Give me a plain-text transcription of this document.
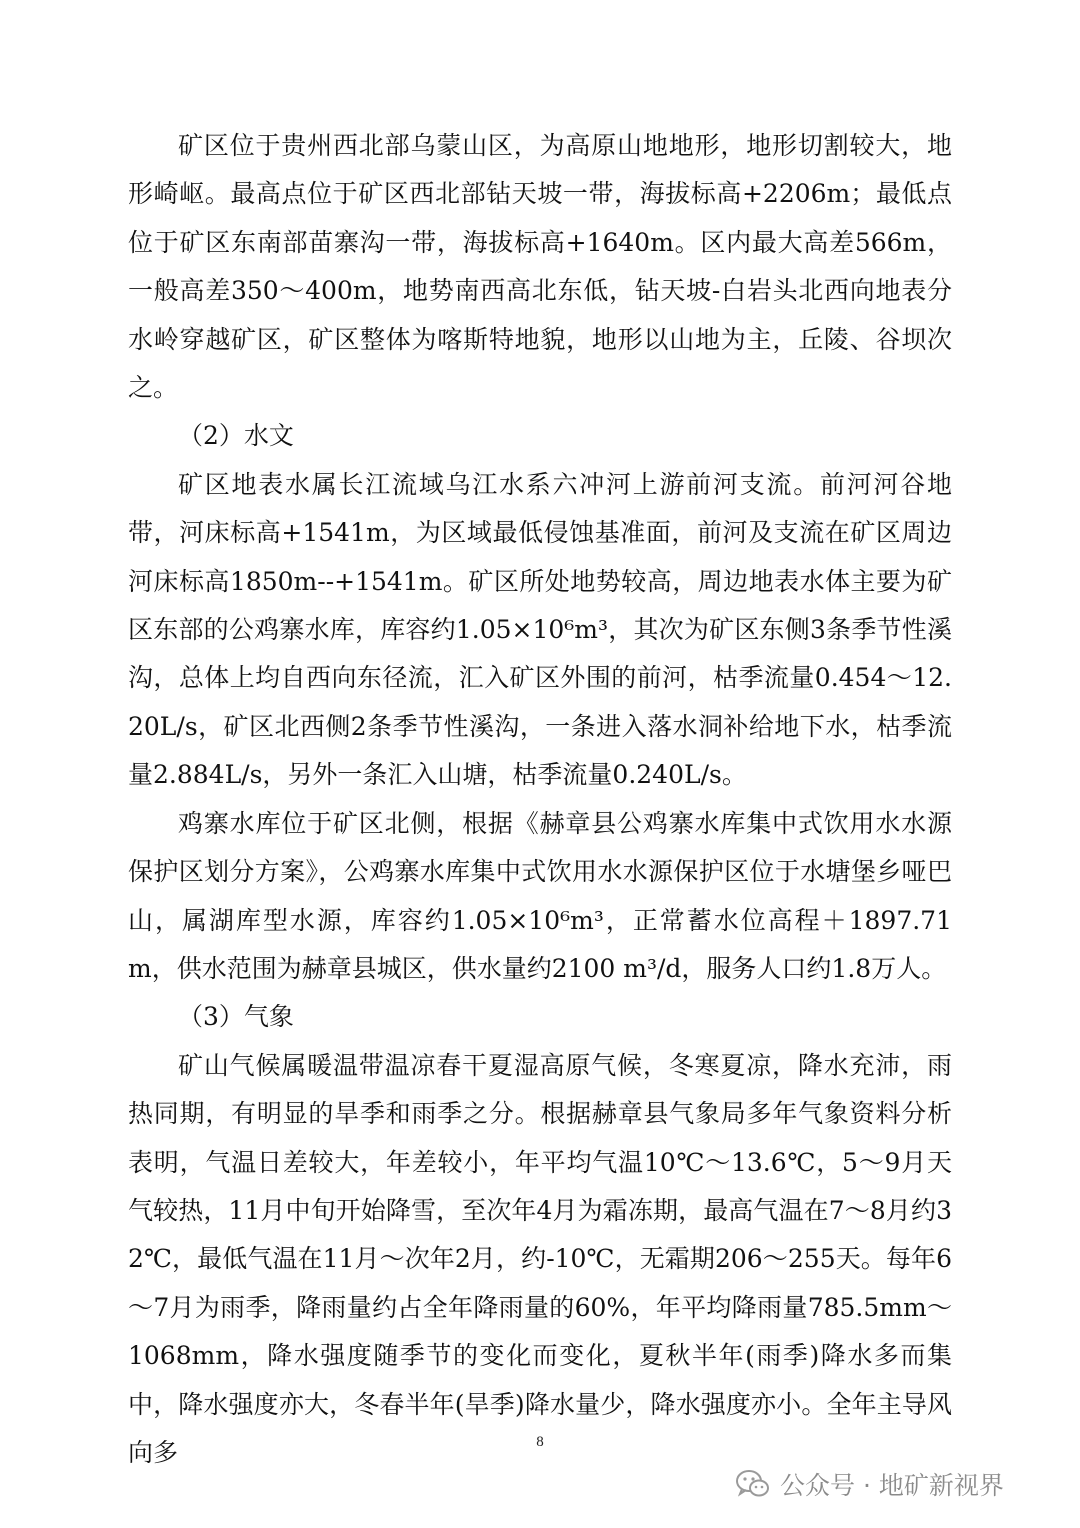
矿区位于贵州西北部乌蒙山区，为高原山地地形，地形切割较大，地形崎岖。最高点位于矿区西北部钻天坡一带，海拔标高+2206m；最低点位于矿区东南部苗寨沟一带，海拔标高+1640m。区内最大高差566m，一般高差350～400m，地势南西高北东低，钻天坡-白岩头北西向地表分水岭穿越矿区，矿区整体为喀斯特地貌，地形以山地为主，丘陵、谷坝次之。

（2）水文

矿区地表水属长江流域乌江水系六冲河上游前河支流。前河河谷地带，河床标高+1541m，为区域最低侵蚀基准面，前河及支流在矿区周边河床标高1850m--+1541m。矿区所处地势较高，周边地表水体主要为矿区东部的公鸡寨水库，库容约1.05×10⁶m³，其次为矿区东侧3条季节性溪沟，总体上均自西向东径流，汇入矿区外围的前河，枯季流量0.454～12.20L/s，矿区北西侧2条季节性溪沟，一条进入落水洞补给地下水，枯季流量2.884L/s，另外一条汇入山塘，枯季流量0.240L/s。

鸡寨水库位于矿区北侧，根据《赫章县公鸡寨水库集中式饮用水水源保护区划分方案》，公鸡寨水库集中式饮用水水源保护区位于水塘堡乡哑巴山，属湖库型水源，库容约1.05×10⁶m³，正常蓄水位高程＋1897.71m，供水范围为赫章县城区，供水量约2100 m³/d，服务人口约1.8万人。

（3）气象

矿山气候属暖温带温凉春干夏湿高原气候，冬寒夏凉，降水充沛，雨热同期，有明显的旱季和雨季之分。根据赫章县气象局多年气象资料分析表明，气温日差较大，年差较小，年平均气温10℃～13.6℃，5～9月天气较热，11月中旬开始降雪，至次年4月为霜冻期，最高气温在7～8月约32℃，最低气温在11月～次年2月，约-10℃，无霜期206～255天。每年6～7月为雨季，降雨量约占全年降雨量的60%，年平均降雨量785.5mm～1068mm，降水强度随季节的变化而变化，夏秋半年(雨季)降水多而集中，降水强度亦大，冬春半年(旱季)降水量少，降水强度亦小。全年主导风向多	8
公众号 · 地矿新视界
